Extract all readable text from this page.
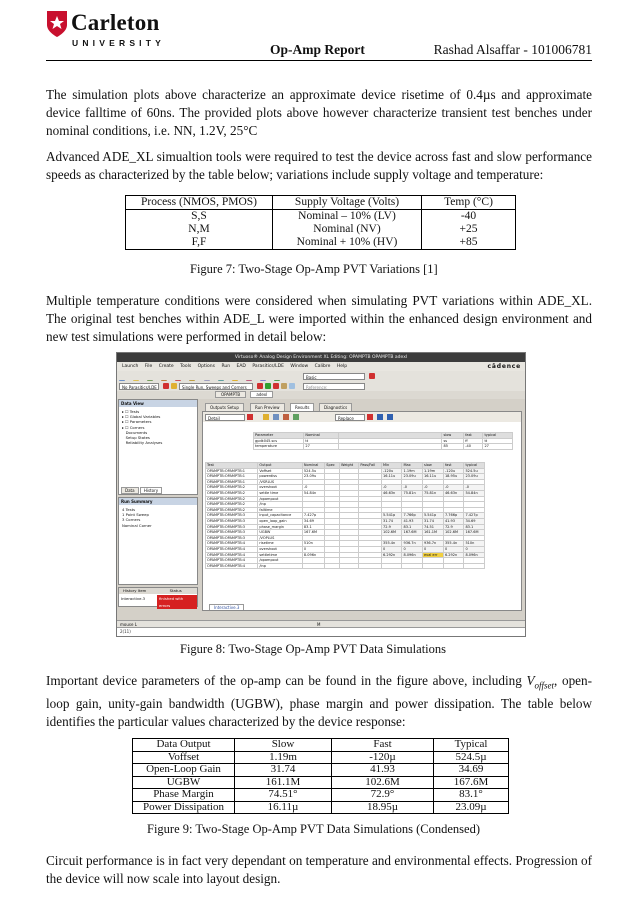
Carleton
UNIVERSITY	Op-Amp Report	Rashad Alsaffar - 101006781
The simulation plots above characterize an approximate device risetime of 0.4µs and approximate device falltime of 60ns. The provided plots above however characterize transient test benches under nominal conditions, i.e. NN, 1.2V, 25°C
Advanced ADE_XL simualtion tools were required to test the device across fast and slow performance speeds as characterized by the table below; variations include supply voltage and temperature:
Process (NMOS, PMOS)	Supply Voltage (Volts)	Temp (°C)
S,S	Nominal – 10% (LV)	-40
N,M	Nominal (NV)	+25
F,F	Nominal + 10% (HV)	+85
Figure 7: Two-Stage Op-Amp PVT Variations [1]
Multiple temperature conditions were considered when simulating PVT variations within ADE_XL. The original test benches within ADE_L were imported within the enhanced design environment and new test simulations were performed in detail below:
Virtuoso® Analog Design Environment XL Editing: OPAMPTB OPAMPTB adexl
Launch File Create Tools Options Run EAD Parasitics/LDE Window Calibre Help	cādence

Basic
No Parasitics/LDE	Single Run, Sweeps and Corners	Reference:
OPAMPTB	adexl
Data View
▸ ☐ Tests
▸ ☐ Global Variables
▸ ☐ Parameters
▸ ☐ Corners
Documents
Setup States
Reliability Analyses
Data History
Run Summary
4 Tests
1 Point Sweep
3 Corners
Nominal Corner
History Item	Status
Interactive.3	finished with errors
Outputs Setup	Run Preview	Results	Diagnostics
Detail	Replace
Parameter	Nominal		slow	fast	typical
gpdk045.scs	tt		ss	ff	tt
temperature	27		85	-40	27
Test	Output	Nominal	Spec	Weight	Pass/Fail	Min	Max	slow	fast	typical
OPAMPTB:OPAMPTB:1	Voffset	524.5u				-120u	1.19m	1.19m	-120u	524.5u
OPAMPTB:OPAMPTB:1	powerdiss	23.09u				16.11u	23.09u	16.11u	18.95u	23.09u
OPAMPTB:OPAMPTB:1	/VSRLUS									
OPAMPTB:OPAMPTB:2	overshoot	-0				-0	-0	-0	-0	-0
OPAMPTB:OPAMPTB:2	settle time	54.84n				46.63n	75.81n	75.81n	46.63n	54.84n
OPAMPTB:OPAMPTB:2	/opampout									
OPAMPTB:OPAMPTB:2	/inp									
OPAMPTB:OPAMPTB:2	falltime									
OPAMPTB:OPAMPTB:3	input_capacitance	7.427p				5.541p	7.766p	5.541p	7.766p	7.427p
OPAMPTB:OPAMPTB:3	open_loop_gain	34.69				31.74	41.93	31.74	41.93	34.69
OPAMPTB:OPAMPTB:3	phase_margin	83.1				72.9	83.1	74.51	72.9	83.1
OPAMPTB:OPAMPTB:3	UGBW	167.6M				102.6M	167.6M	161.1M	102.6M	167.6M
OPAMPTB:OPAMPTB:3	/VOPLUS									
OPAMPTB:OPAMPTB:4	risetime	510n				355.4n	936.7n	936.7n	355.4n	510n
OPAMPTB:OPAMPTB:4	overshoot	0				0	0	0	0	0
OPAMPTB:OPAMPTB:4	settletime	8.096n				6.292n	8.096n	eval err	6.292n	8.096n
OPAMPTB:OPAMPTB:4	/opampout									
OPAMPTB:OPAMPTB:4	/inp									
Interactive.3
mouse L	M
2(11)
Figure 8: Two-Stage Op-Amp PVT Data Simulations
Important device parameters of the op-amp can be found in the figure above, including $V_{offset}$, open-loop gain, unity-gain bandwidth (UGBW), phase margin and power dissipation. The table below identifies the particular values characterized by the device response:
Data Output	Slow	Fast	Typical
Voffset	1.19m	-120µ	524.5µ
Open-Loop Gain	31.74	41.93	34.69
UGBW	161.1M	102.6M	167.6M
Phase Margin	74.51°	72.9°	83.1°
Power Dissipation	16.11µ	18.95µ	23.09µ
Figure 9: Two-Stage Op-Amp PVT Data Simulations (Condensed)
Circuit performance is in fact very dependant on temperature and environmental effects. Progression of the device will now scale into layout design.
